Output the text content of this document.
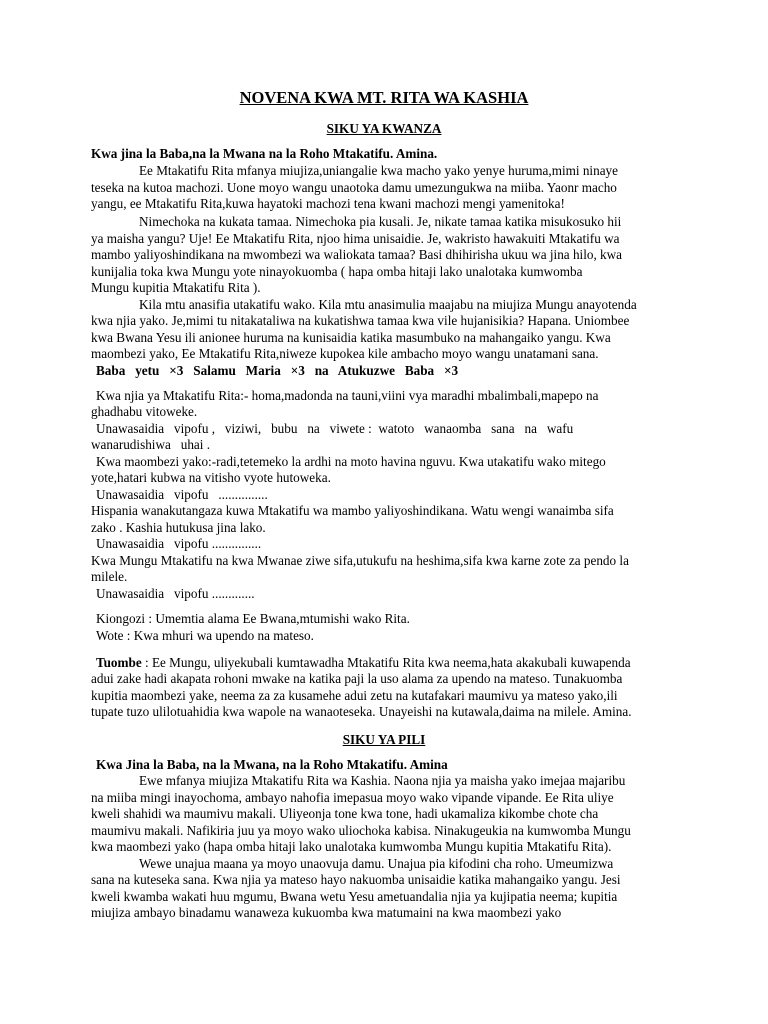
NOVENA KWA MT. RITA WA KASHIA
SIKU YA KWANZA
Kwa jina la Baba,na la Mwana na la Roho Mtakatifu. Amina.
Ee Mtakatifu Rita mfanya miujiza,uniangalie kwa macho yako yenye huruma,mimi ninaye
teseka na kutoa machozi. Uone moyo wangu unaotoka damu umezungukwa na miiba. Yaonr macho
yangu, ee Mtakatifu Rita,kuwa hayatoki machozi tena kwani machozi mengi yamenitoka!
Nimechoka na kukata tamaa. Nimechoka pia kusali. Je, nikate tamaa katika misukosuko hii
ya maisha yangu? Uje! Ee Mtakatifu Rita, njoo hima unisaidie. Je, wakristo hawakuiti Mtakatifu wa
mambo yaliyoshindikana na mwombezi wa waliokata tamaa? Basi dhihirisha ukuu wa jina hilo, kwa
kunijalia toka kwa Mungu yote ninayokuomba ( hapa omba hitaji lako unalotaka kumwomba
Mungu kupitia Mtakatifu Rita ).
Kila mtu anasifia utakatifu wako. Kila mtu anasimulia maajabu na miujiza Mungu anayotenda
kwa njia yako. Je,mimi tu nitakataliwa na kukatishwa tamaa kwa vile hujanisikia? Hapana. Uniombee
kwa Bwana Yesu ili anionee huruma na kunisaidia katika masumbuko na mahangaiko yangu. Kwa
maombezi yako, Ee Mtakatifu Rita,niweze kupokea kile ambacho moyo wangu unatamani sana.
Baba   yetu   ×3   Salamu   Maria   ×3   na   Atukuzwe   Baba   ×3
Kwa njia ya Mtakatifu Rita:- homa,madonda na tauni,viini vya maradhi mbalimbali,mapepo na
ghadhabu vitoweke.
Unawasaidia   vipofu ,   viziwi,   bubu   na   viwete :  watoto   wanaomba   sana   na   wafu
wanarudishiwa   uhai .
Kwa maombezi yako:-radi,tetemeko la ardhi na moto havina nguvu. Kwa utakatifu wako mitego
yote,hatari kubwa na vitisho vyote hutoweka.
Unawasaidia   vipofu   ...............
Hispania wanakutangaza kuwa Mtakatifu wa mambo yaliyoshindikana. Watu wengi wanaimba sifa
zako . Kashia hutukusa jina lako.
Unawasaidia   vipofu ...............
Kwa Mungu Mtakatifu na kwa Mwanae ziwe sifa,utukufu na heshima,sifa kwa karne zote za pendo la
milele.
Unawasaidia   vipofu .............
Kiongozi : Umemtia alama Ee Bwana,mtumishi wako Rita.
Wote : Kwa mhuri wa upendo na mateso.
Tuombe : Ee Mungu, uliyekubali kumtawadha Mtakatifu Rita kwa neema,hata akakubali kuwapenda
adui zake hadi akapata rohoni mwake na katika paji la uso alama za upendo na mateso. Tunakuomba
kupitia maombezi yake, neema za za kusamehe adui zetu na kutafakari maumivu ya mateso yako,ili
tupate tuzo ulilotuahidia kwa wapole na wanaoteseka. Unayeishi na kutawala,daima na milele. Amina.
SIKU YA PILI
Kwa Jina la Baba, na la Mwana, na la Roho Mtakatifu. Amina
Ewe mfanya miujiza Mtakatifu Rita wa Kashia. Naona njia ya maisha yako imejaa majaribu
na miiba mingi inayochoma, ambayo nahofia imepasua moyo wako vipande vipande. Ee Rita uliye
kweli shahidi wa maumivu makali. Uliyeonja tone kwa tone, hadi ukamaliza kikombe chote cha
maumivu makali. Nafikiria juu ya moyo wako uliochoka kabisa. Ninakugeukia na kumwomba Mungu
kwa maombezi yako (hapa omba hitaji lako unalotaka kumwomba Mungu kupitia Mtakatifu Rita).
Wewe unajua maana ya moyo unaovuja damu. Unajua pia kifodini cha roho. Umeumizwa
sana na kuteseka sana. Kwa njia ya mateso hayo nakuomba unisaidie katika mahangaiko yangu. Jesi
kweli kwamba wakati huu mgumu, Bwana wetu Yesu ametuandalia njia ya kujipatia neema; kupitia
miujiza ambayo binadamu wanaweza kukuomba kwa matumaini na kwa maombezi yako
